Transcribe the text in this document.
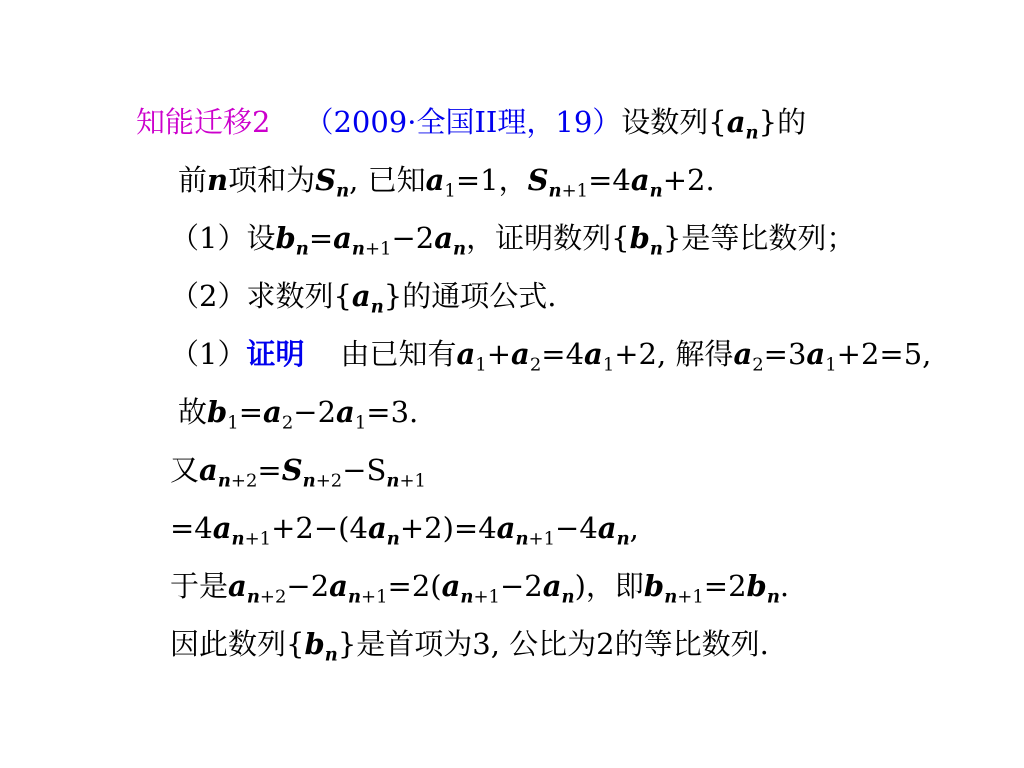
知能迁移2 （2009·全国II理，19）设数列$\{a_n\}$的
前n项和为$S_n$, 已知$a_1=1$，$S_{n+1}=4a_n+2$.
（1）设$b_n=a_{n+1}-2a_n$，证明数列$\{b_n\}$是等比数列；
（2）求数列$\{a_n\}$的通项公式.
（1）证明 由已知有$a_1+a_2=4a_1+2$, 解得$a_2=3a_1+2=5$,
故$b_1=a_2-2a_1=3$.
又$a_{n+2}=S_{n+2}-S_{n+1}$
$=4a_{n+1}+2-(4a_n+2)=4a_{n+1}-4a_n$,
于是$a_{n+2}-2a_{n+1}=2(a_{n+1}-2a_n)$，即$b_{n+1}=2b_n$.
因此数列$\{b_n\}$是首项为3, 公比为2的等比数列.
